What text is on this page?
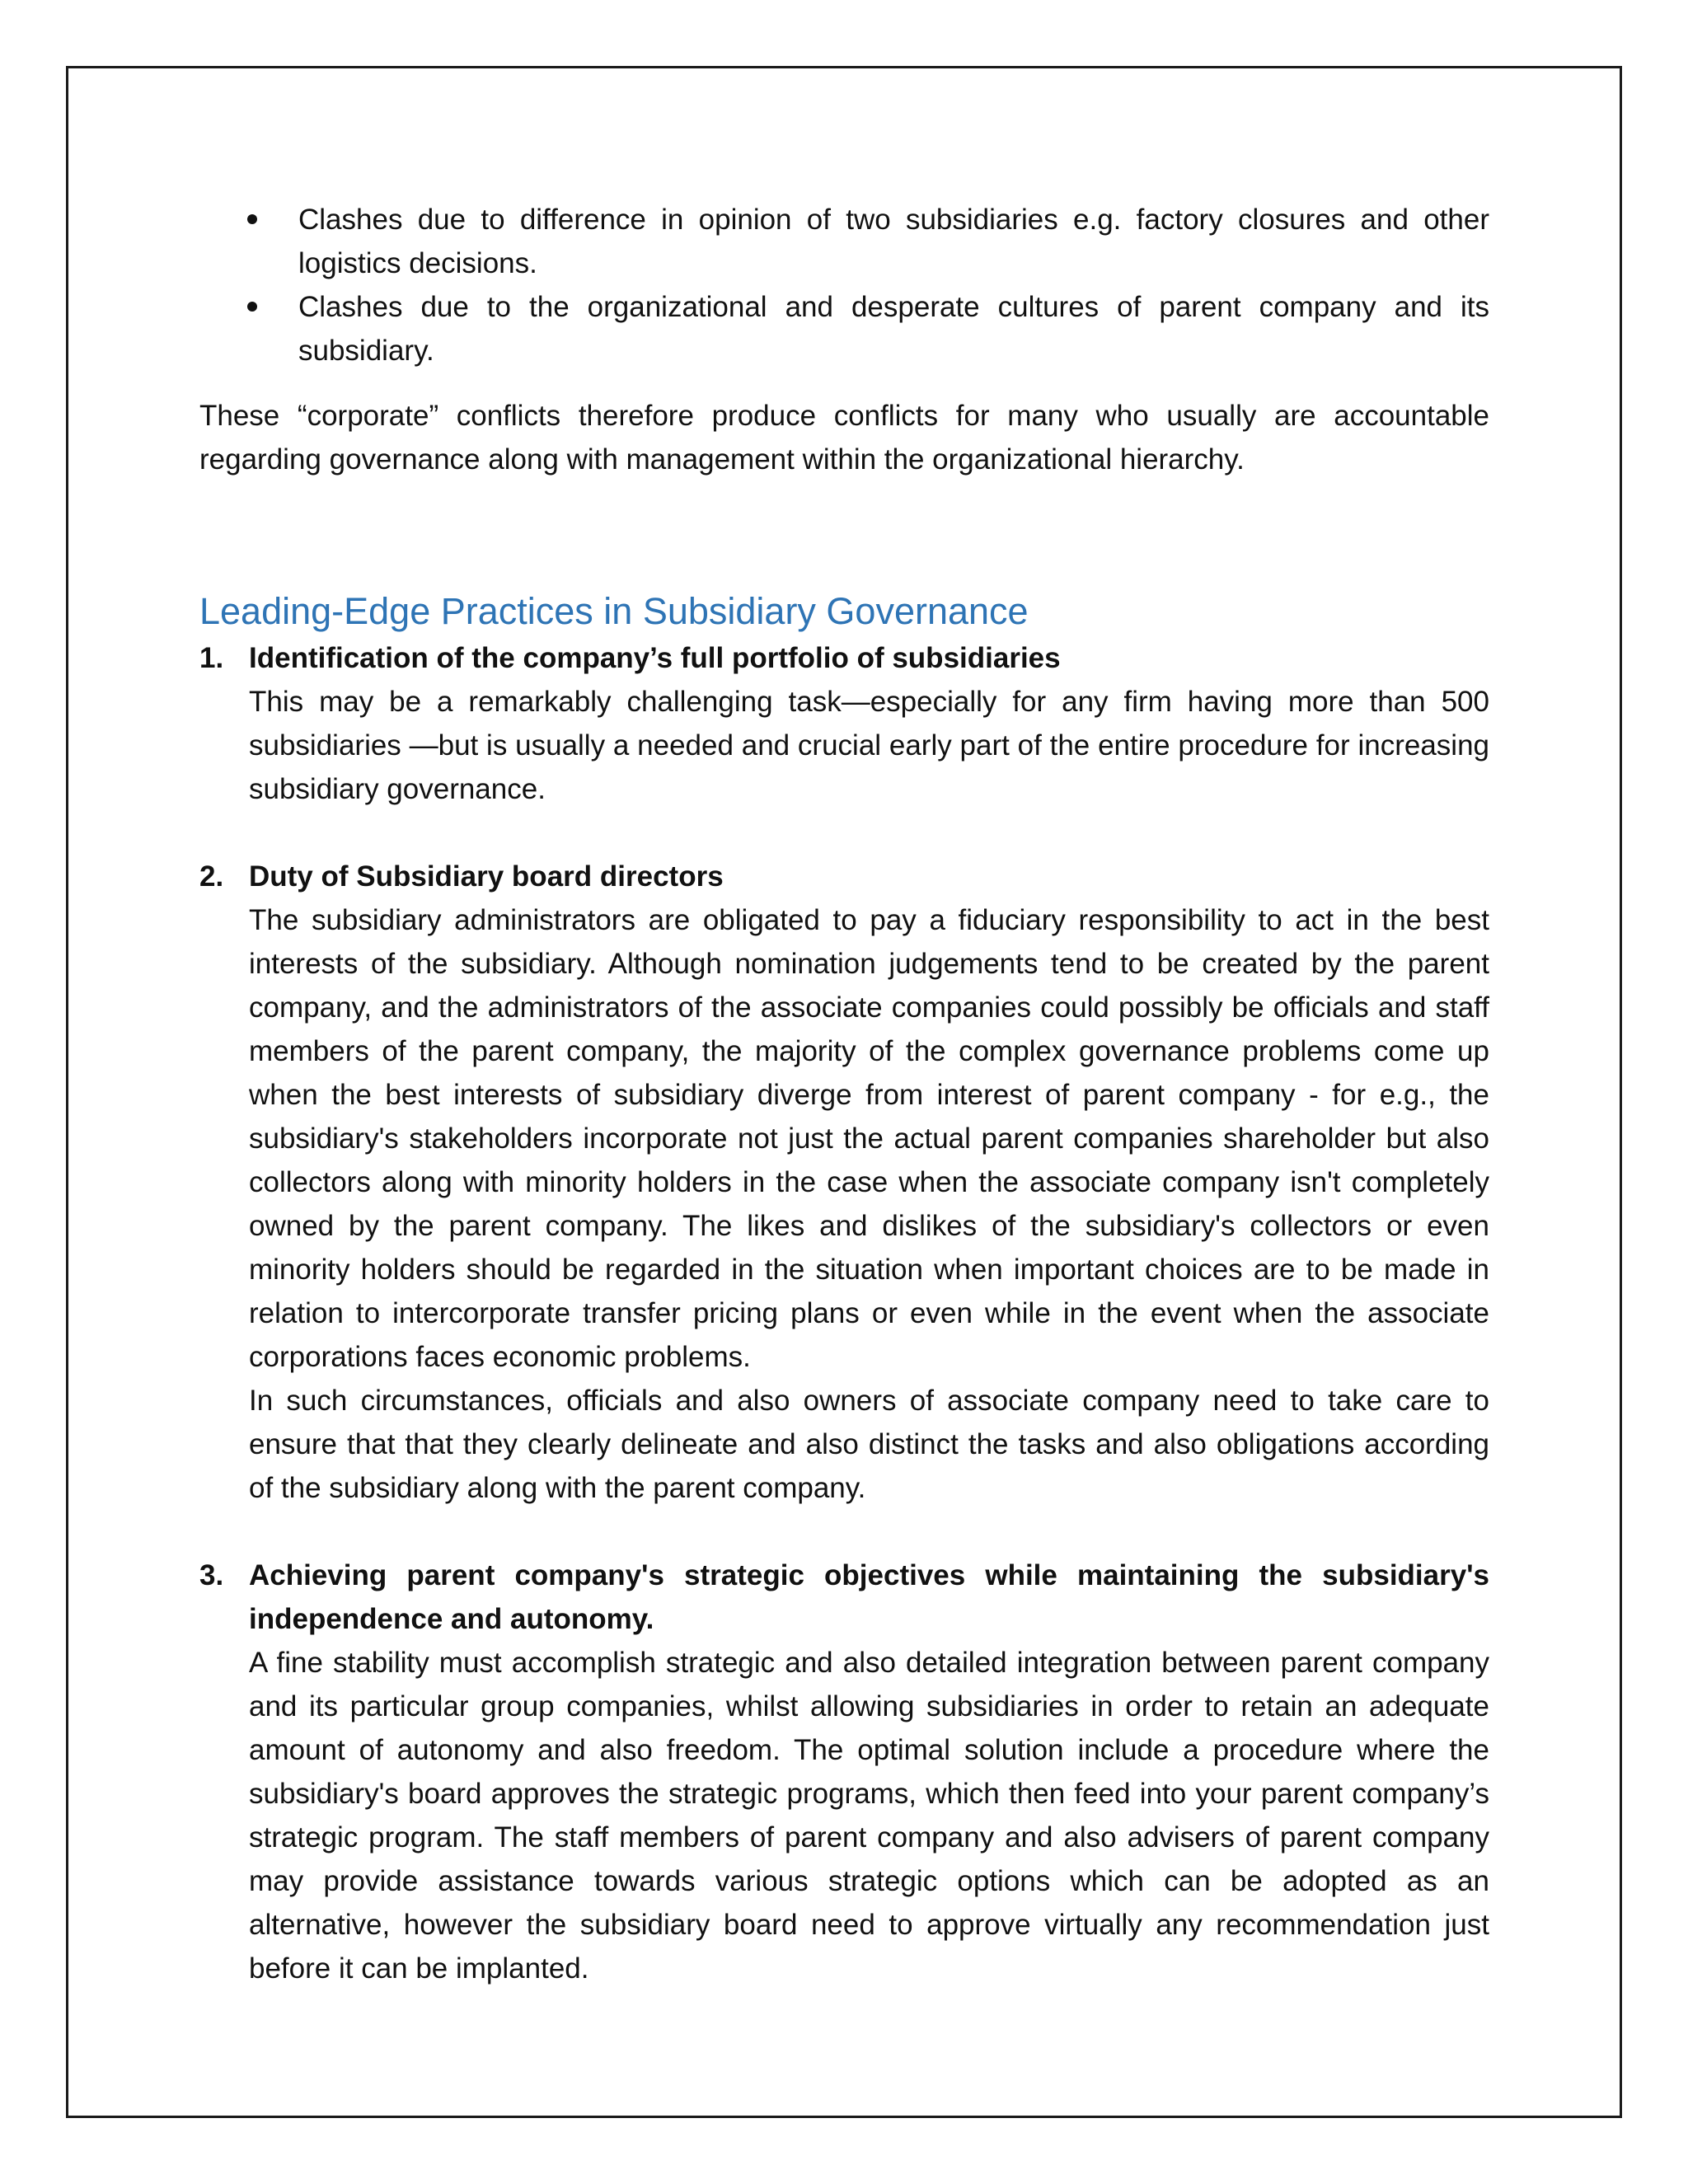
Clashes due to difference in opinion of two subsidiaries e.g. factory closures and other logistics decisions.
Clashes due to the organizational and desperate cultures of parent company and its subsidiary.

These “corporate” conflicts therefore produce conflicts for many who usually are accountable regarding governance along with management within the organizational hierarchy.

Leading-Edge Practices in Subsidiary Governance
1. Identification of the company’s full portfolio of subsidiaries
This may be a remarkably challenging task—especially for any firm having more than 500 subsidiaries —but is usually a needed and crucial early part of the entire procedure for increasing subsidiary governance.
2. Duty of Subsidiary board directors
The subsidiary administrators are obligated to pay a fiduciary responsibility to act in the best interests of the subsidiary. Although nomination judgements tend to be created by the parent company, and the administrators of the associate companies could possibly be officials and staff members of the parent company, the majority of the complex governance problems come up when the best interests of subsidiary diverge from interest of parent company - for e.g., the subsidiary's stakeholders incorporate not just the actual parent companies shareholder but also collectors along with minority holders in the case when the associate company isn't completely owned by the parent company. The likes and dislikes of the subsidiary's collectors or even minority holders should be regarded in the situation when important choices are to be made in relation to intercorporate transfer pricing plans or even while in the event when the associate corporations faces economic problems.
In such circumstances, officials and also owners of associate company need to take care to ensure that that they clearly delineate and also distinct the tasks and also obligations according of the subsidiary along with the parent company.
3. Achieving parent company's strategic objectives while maintaining the subsidiary's independence and autonomy.
A fine stability must accomplish strategic and also detailed integration between parent company and its particular group companies, whilst allowing subsidiaries in order to retain an adequate amount of autonomy and also freedom. The optimal solution include a procedure where the subsidiary's board approves the strategic programs, which then feed into your parent company’s strategic program. The staff members of parent company and also advisers of parent company may provide assistance towards various strategic options which can be adopted as an alternative, however the subsidiary board need to approve virtually any recommendation just before it can be implanted.
